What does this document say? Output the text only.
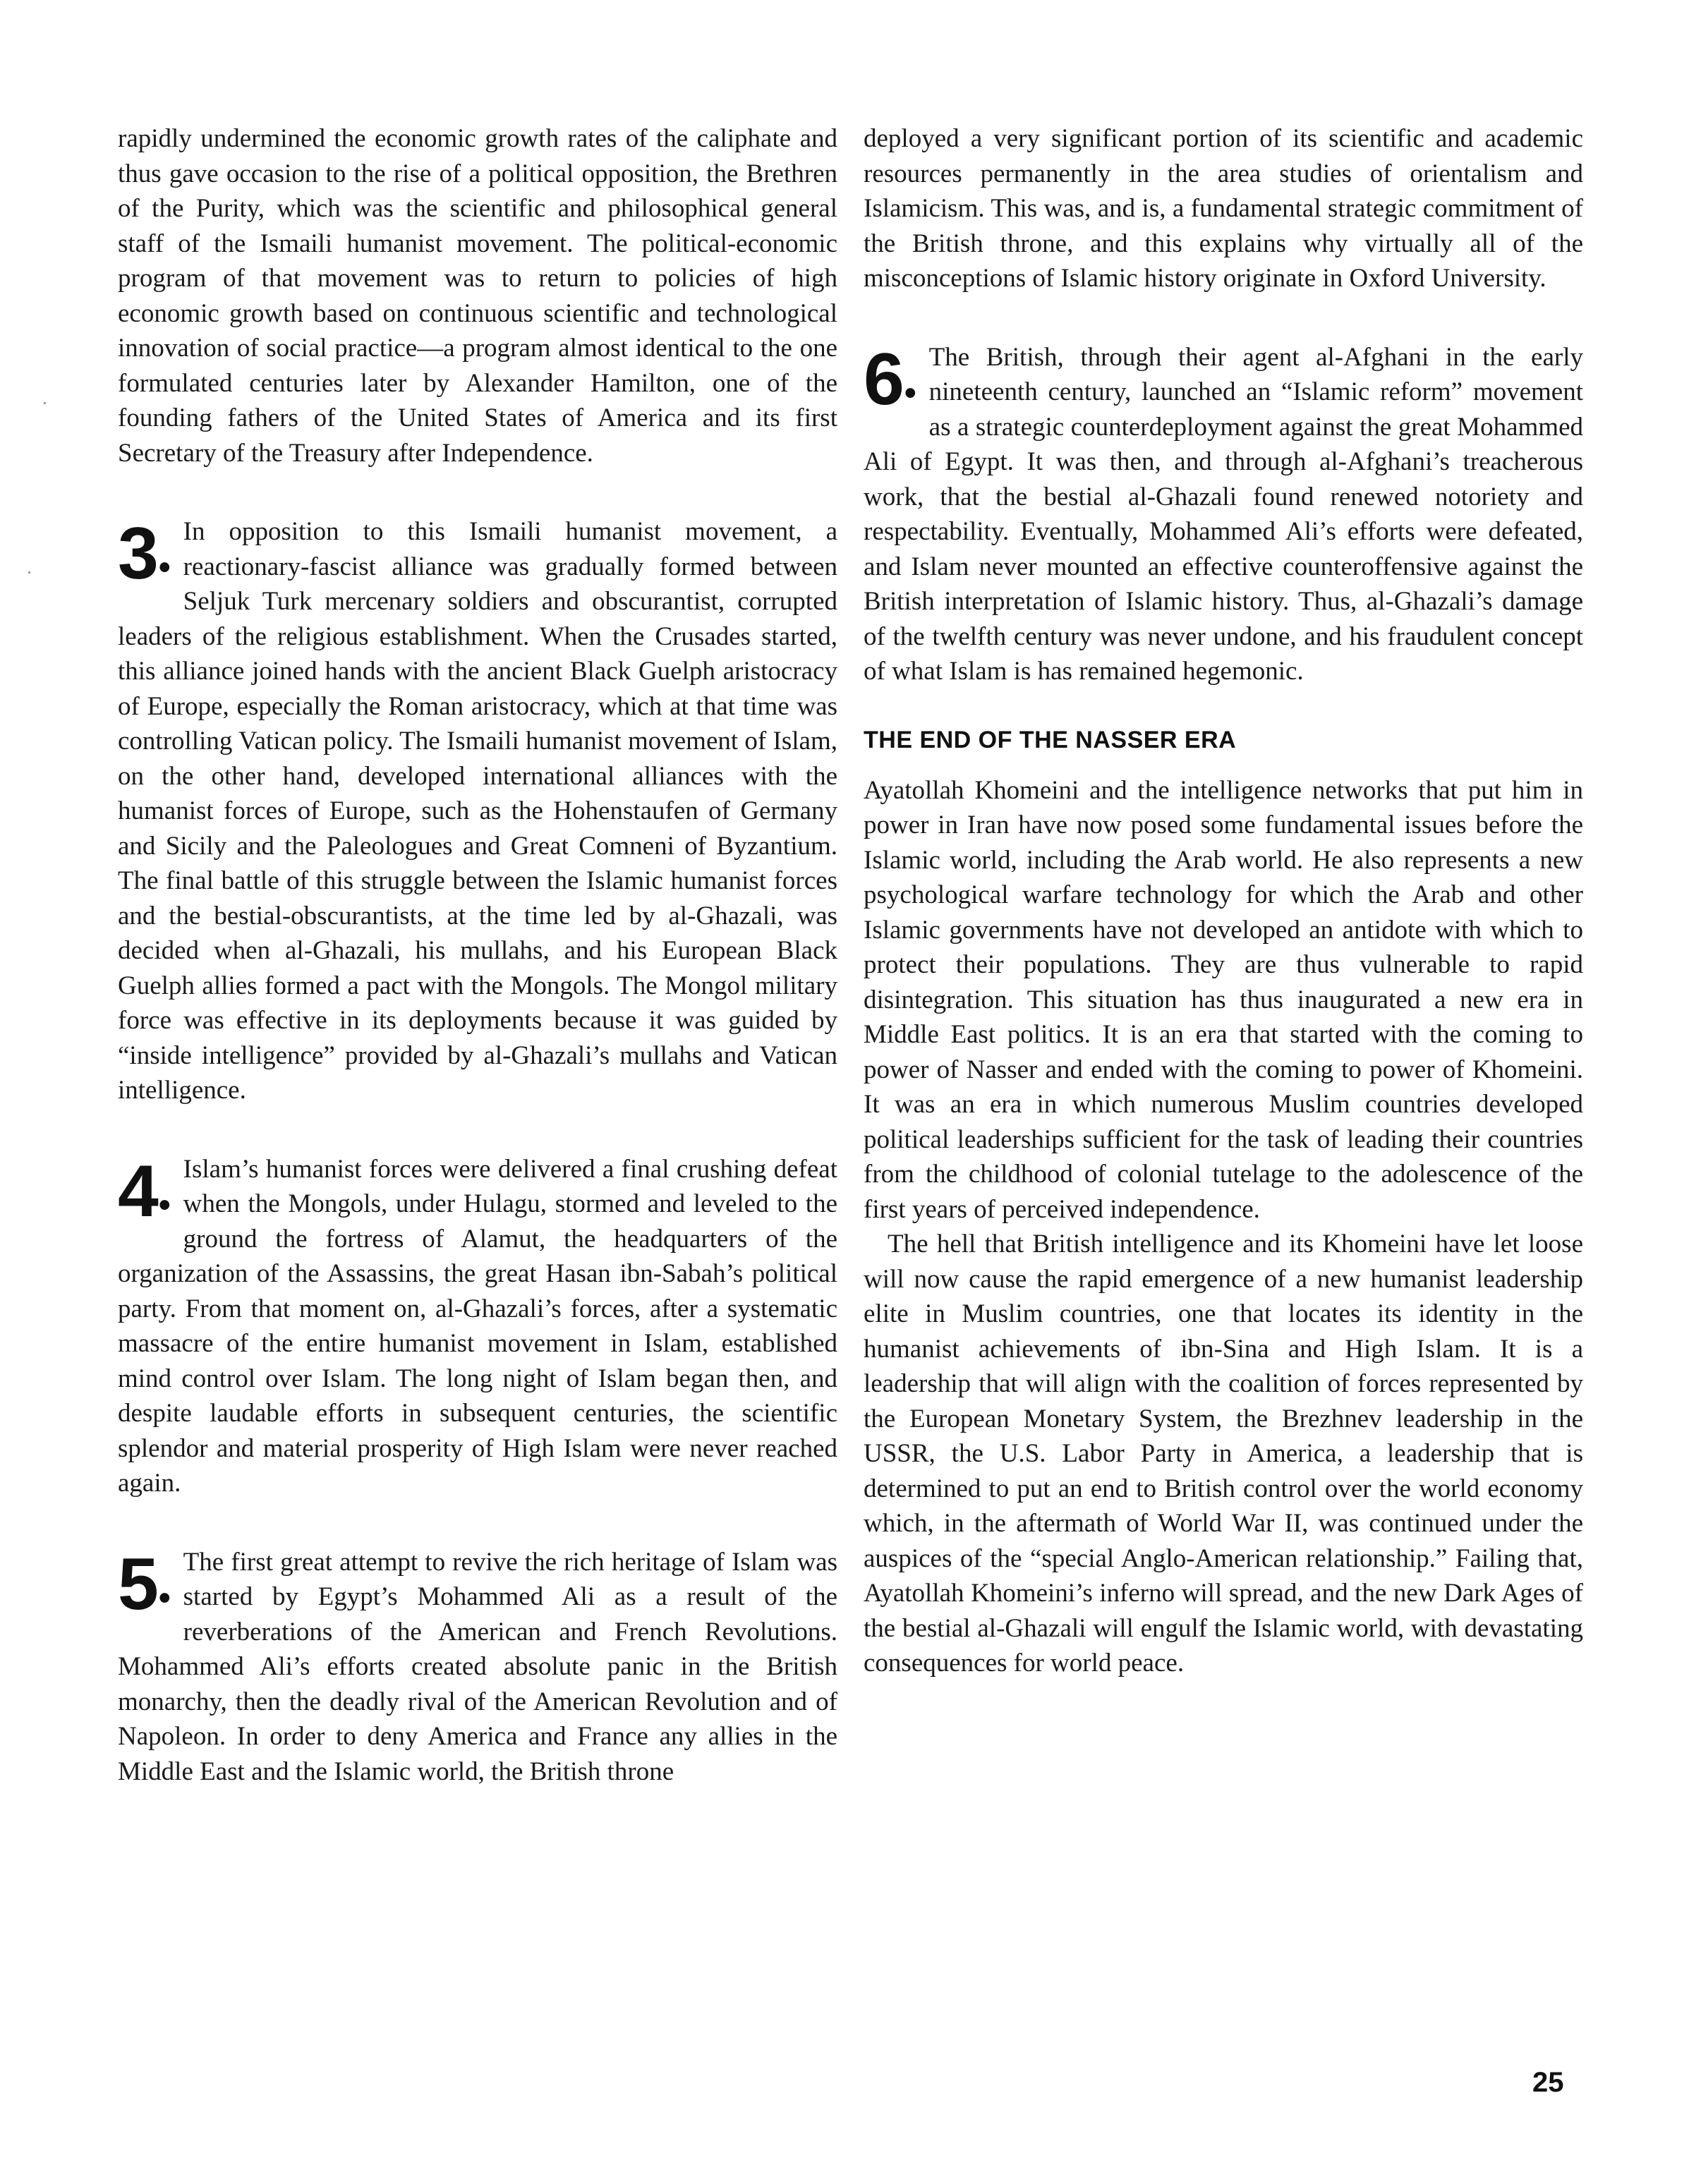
rapidly undermined the economic growth rates of the caliphate and thus gave occasion to the rise of a political opposition, the Brethren of the Purity, which was the scientific and philosophical general staff of the Ismaili humanist movement. The political-economic program of that movement was to return to policies of high economic growth based on continuous scientific and technological innovation of social practice—a program almost identical to the one formulated centuries later by Alexander Hamilton, one of the founding fathers of the United States of America and its first Secretary of the Treasury after Independence.

3•
In opposition to this Ismaili humanist movement, a reactionary-fascist alliance was gradually formed between Seljuk Turk mercenary soldiers and obscurantist, corrupted leaders of the religious establishment. When the Crusades started, this alliance joined hands with the ancient Black Guelph aristocracy of Europe, especially the Roman aristocracy, which at that time was controlling Vatican policy. The Ismaili humanist movement of Islam, on the other hand, developed international alliances with the humanist forces of Europe, such as the Hohenstaufen of Germany and Sicily and the Paleologues and Great Comneni of Byzantium. The final battle of this struggle between the Islamic humanist forces and the bestial-obscurantists, at the time led by al-Ghazali, was decided when al-Ghazali, his mullahs, and his European Black Guelph allies formed a pact with the Mongols. The Mongol military force was effective in its deployments because it was guided by “inside intelligence” provided by al-Ghazali’s mullahs and Vatican intelligence.

4•
Islam’s humanist forces were delivered a final crushing defeat when the Mongols, under Hulagu, stormed and leveled to the ground the fortress of Alamut, the headquarters of the organization of the Assassins, the great Hasan ibn-Sabah’s political party. From that moment on, al-Ghazali’s forces, after a systematic massacre of the entire humanist movement in Islam, established mind control over Islam. The long night of Islam began then, and despite laudable efforts in subsequent centuries, the scientific splendor and material prosperity of High Islam were never reached again.

5•
The first great attempt to revive the rich heritage of Islam was started by Egypt’s Mohammed Ali as a result of the reverberations of the American and French Revolutions. Mohammed Ali’s efforts created absolute panic in the British monarchy, then the deadly rival of the American Revolution and of Napoleon. In order to deny America and France any allies in the Middle East and the Islamic world, the British throne

deployed a very significant portion of its scientific and academic resources permanently in the area studies of orientalism and Islamicism. This was, and is, a fundamental strategic commitment of the British throne, and this explains why virtually all of the misconceptions of Islamic history originate in Oxford University.

6•
The British, through their agent al-Afghani in the early nineteenth century, launched an “Islamic reform” movement as a strategic counterdeployment against the great Mohammed Ali of Egypt. It was then, and through al-Afghani’s treacherous work, that the bestial al-Ghazali found renewed notoriety and respectability. Eventually, Mohammed Ali’s efforts were defeated, and Islam never mounted an effective counteroffensive against the British interpretation of Islamic history. Thus, al-Ghazali’s damage of the twelfth century was never undone, and his fraudulent concept of what Islam is has remained hegemonic.

THE END OF THE NASSER ERA

Ayatollah Khomeini and the intelligence networks that put him in power in Iran have now posed some fundamental issues before the Islamic world, including the Arab world. He also represents a new psychological warfare technology for which the Arab and other Islamic governments have not developed an antidote with which to protect their populations. They are thus vulnerable to rapid disintegration. This situation has thus inaugurated a new era in Middle East politics. It is an era that started with the coming to power of Nasser and ended with the coming to power of Khomeini. It was an era in which numerous Muslim countries developed political leaderships sufficient for the task of leading their countries from the childhood of colonial tutelage to the adolescence of the first years of perceived independence.

The hell that British intelligence and its Khomeini have let loose will now cause the rapid emergence of a new humanist leadership elite in Muslim countries, one that locates its identity in the humanist achievements of ibn-Sina and High Islam. It is a leadership that will align with the coalition of forces represented by the European Monetary System, the Brezhnev leadership in the USSR, the U.S. Labor Party in America, a leadership that is determined to put an end to British control over the world economy which, in the aftermath of World War II, was continued under the auspices of the “special Anglo-American relationship.” Failing that, Ayatollah Khomeini’s inferno will spread, and the new Dark Ages of the bestial al-Ghazali will engulf the Islamic world, with devastating consequences for world peace.

25
